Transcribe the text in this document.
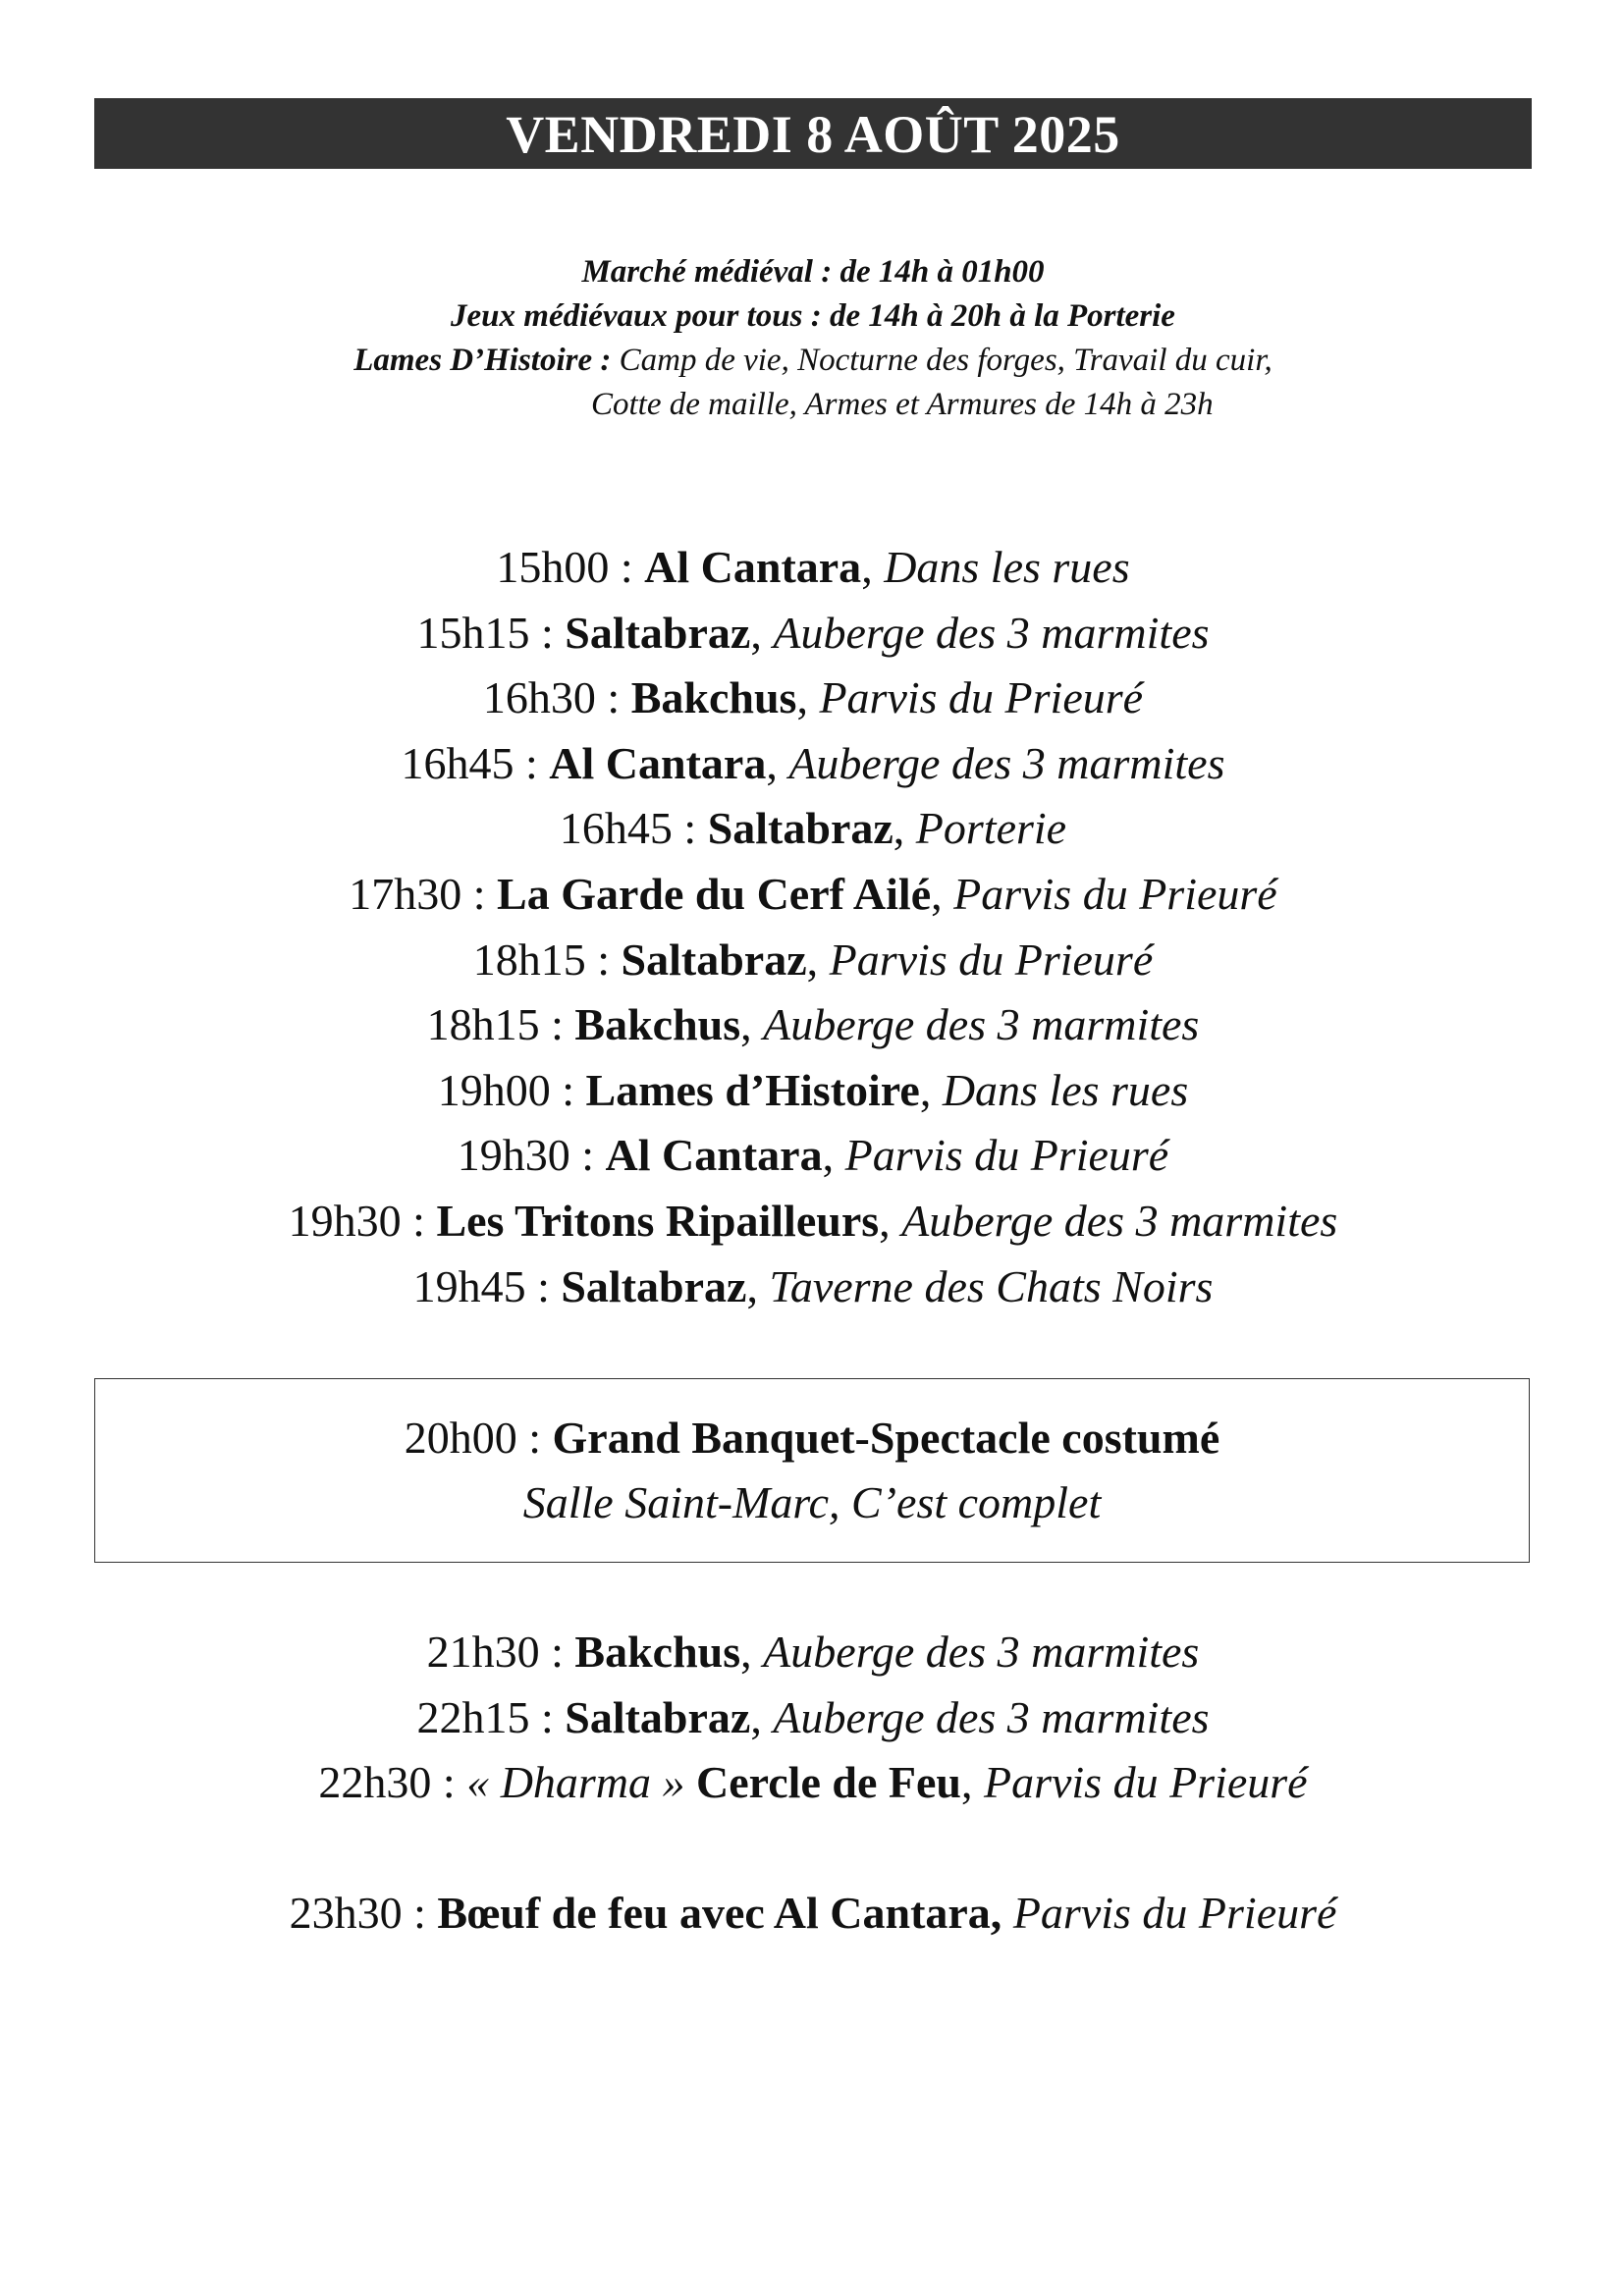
VENDREDI 8 AOÛT 2025
Marché médiéval : de 14h à 01h00
Jeux médiévaux pour tous : de 14h à 20h à la Porterie
Lames D’Histoire : Camp de vie, Nocturne des forges, Travail du cuir,
Cotte de maille, Armes et Armures de 14h à 23h
15h00 : Al Cantara, Dans les rues
15h15 : Saltabraz, Auberge des 3 marmites
16h30 : Bakchus, Parvis du Prieuré
16h45 : Al Cantara, Auberge des 3 marmites
16h45 : Saltabraz, Porterie
17h30 : La Garde du Cerf Ailé, Parvis du Prieuré
18h15 : Saltabraz, Parvis du Prieuré
18h15 : Bakchus, Auberge des 3 marmites
19h00 : Lames d’Histoire, Dans les rues
19h30 : Al Cantara, Parvis du Prieuré
19h30 : Les Tritons Ripailleurs, Auberge des 3 marmites
19h45 : Saltabraz, Taverne des Chats Noirs
20h00 : Grand Banquet-Spectacle costumé
Salle Saint-Marc, C’est complet
21h30 : Bakchus, Auberge des 3 marmites
22h15 : Saltabraz, Auberge des 3 marmites
22h30 : « Dharma » Cercle de Feu, Parvis du Prieuré
23h30 : Bœuf de feu avec Al Cantara, Parvis du Prieuré
